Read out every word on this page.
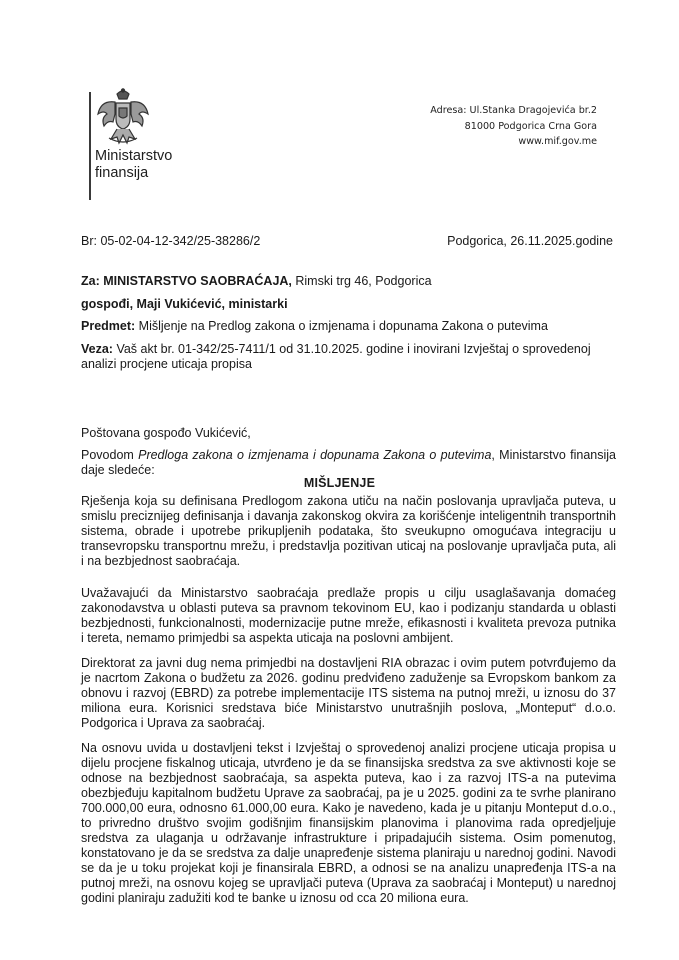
Ministarstvo
finansija
Adresa: Ul.Stanka Dragojevića br.2
81000 Podgorica Crna Gora
www.mif.gov.me
Br: 05-02-04-12-342/25-38286/2	Podgorica, 26.11.2025.godine
Za: MINISTARSTVO SAOBRAĆAJA, Rimski trg 46, Podgorica
gospođi, Maji Vukićević, ministarki
Predmet: Mišljenje na Predlog zakona o izmjenama i dopunama Zakona o putevima
Veza: Vaš akt br. 01-342/25-7411/1 od 31.10.2025. godine i inovirani Izvještaj o sprovedenoj analizi procjene uticaja propisa
Poštovana gospođo Vukićević,
Povodom Predloga zakona o izmjenama i dopunama Zakona o putevima, Ministarstvo finansija daje sledeće:
MIŠLJENJE
Rješenja koja su definisana Predlogom zakona utiču na način poslovanja upravljača puteva, u smislu preciznijeg definisanja i davanja zakonskog okvira za korišćenje inteligentnih transportnih sistema, obrade i upotrebe prikupljenih podataka, što sveukupno omogućava integraciju u transevropsku transportnu mrežu, i predstavlja pozitivan uticaj na poslovanje upravljača puta, ali i na bezbjednost saobraćaja.
Uvažavajući da Ministarstvo saobraćaja predlaže propis u cilju usaglašavanja domaćeg zakonodavstva u oblasti puteva sa pravnom tekovinom EU, kao i podizanju standarda u oblasti bezbjednosti, funkcionalnosti, modernizacije putne mreže, efikasnosti i kvaliteta prevoza putnika i tereta, nemamo primjedbi sa aspekta uticaja na poslovni ambijent.
Direktorat za javni dug nema primjedbi na dostavljeni RIA obrazac i ovim putem potvrđujemo da je nacrtom Zakona o budžetu za 2026. godinu predviđeno zaduženje sa Evropskom bankom za obnovu i razvoj (EBRD) za potrebe implementacije ITS sistema na putnoj mreži, u iznosu do 37 miliona eura. Korisnici sredstava biće Ministarstvo unutrašnjih poslova, „Monteput“ d.o.o. Podgorica i Uprava za saobraćaj.
Na osnovu uvida u dostavljeni tekst i Izvještaj o sprovedenoj analizi procjene uticaja propisa u dijelu procjene fiskalnog uticaja, utvrđeno je da se finansijska sredstva za sve aktivnosti koje se odnose na bezbjednost saobraćaja, sa aspekta puteva, kao i za razvoj ITS-a na putevima obezbjeđuju kapitalnom budžetu Uprave za saobraćaj, pa je u 2025. godini za te svrhe planirano 700.000,00 eura, odnosno 61.000,00 eura. Kako je navedeno, kada je u pitanju Monteput d.o.o., to privredno društvo svojim godišnjim finansijskim planovima i planovima rada opredjeljuje sredstva za ulaganja u održavanje infrastrukture i pripadajućih sistema. Osim pomenutog, konstatovano je da se sredstva za dalje unapređenje sistema planiraju u narednoj godini. Navodi se da je u toku projekat koji je finansirala EBRD, a odnosi se na analizu unapređenja ITS-a na putnoj mreži, na osnovu kojeg se upravljači puteva (Uprava za saobraćaj i Monteput) u narednoj godini planiraju zadužiti kod te banke u iznosu od cca 20 miliona eura.
